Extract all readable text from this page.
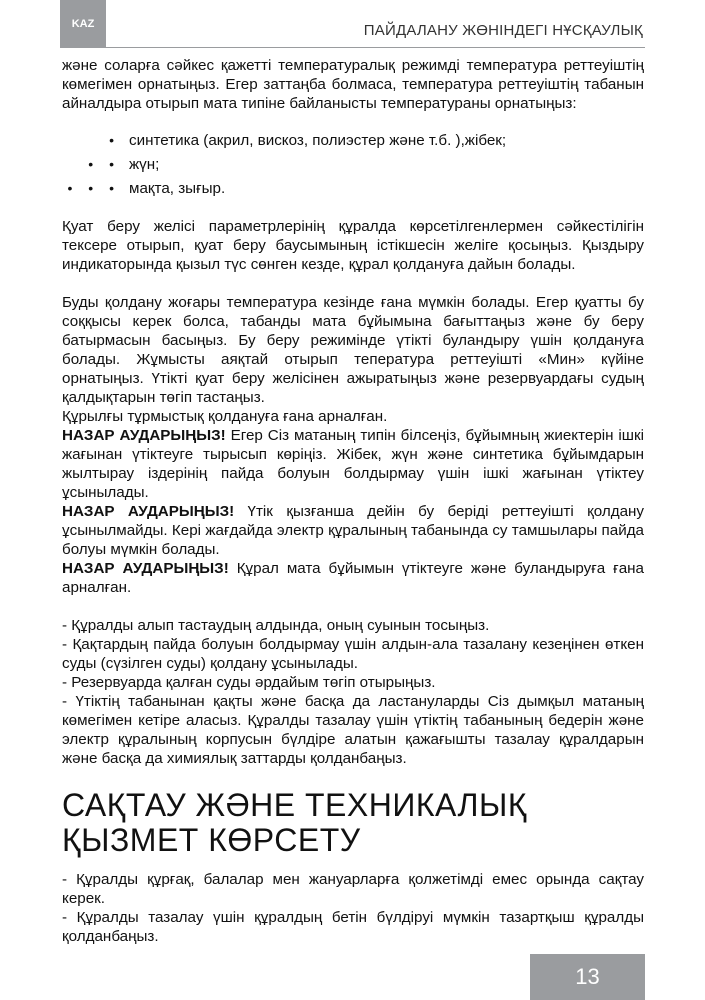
KAZ	ПАЙДАЛАНУ ЖӨНІНДЕГІ НҰСҚАУЛЫҚ

және соларға сәйкес қажетті температуралық режимді температура реттеуіштің көмегімен орнатыңыз. Егер заттаңба болмаса, температура реттеуіштің табанын айналдыра отырып мата типіне байланысты температураны орнатыңыз:

• синтетика (акрил, вискоз, полиэстер және т.б. ),жібек;
• • жүн;
• • • мақта, зығыр.

Қуат беру желісі параметрлерінің құралда көрсетілгенлермен сәйкестілігін тексере отырып, қуат беру баусымының істікшесін желіге қосыңыз. Қыздыру индикаторында қызыл түс сөнген кезде, құрал қолдануға дайын болады.

Буды қолдану жоғары температура кезінде ғана мүмкін болады. Егер қуатты бу соққысы керек болса, табанды мата бұйымына бағыттаңыз және бу беру батырмасын басыңыз. Бу беру режимінде үтікті буландыру үшін қолдануға болады. Жұмысты аяқтай отырып тепература реттеуішті «Мин» күйіне орнатыңыз. Үтікті қуат беру желісінен ажыратыңыз және резервуардағы судың қалдықтарын төгіп тастаңыз.

Құрылғы тұрмыстық қолдануға ғана арналған.

НАЗАР АУДАРЫҢЫЗ! Егер Сіз матаның типін білсеңіз, бұйымның жиектерін ішкі жағынан үтіктеуге тырысып көріңіз. Жібек, жүн және синтетика бұйымдарын жылтырау іздерінің пайда болуын болдырмау үшін ішкі жағынан үтіктеу ұсынылады.

НАЗАР АУДАРЫҢЫЗ! Үтік қызғанша дейін бу беріді реттеуішті қолдану ұсынылмайды. Кері жағдайда электр құралының табанында су тамшылары пайда болуы мүмкін болады.

НАЗАР АУДАРЫҢЫЗ! Құрал мата бұйымын үтіктеуге және буландыруға ғана арналған.

- Құралды алып тастаудың алдында, оның суынын тосыңыз.

- Қақтардың пайда болуын болдырмау үшін алдын-ала тазалану кезеңінен өткен суды (сүзілген суды) қолдану ұсынылады.

- Резервуарда қалған суды әрдайым төгіп отырыңыз.

- Үтіктің табанынан қақты және басқа да ластануларды Сіз дымқыл матаның көмегімен кетіре аласыз. Құралды тазалау үшін үтіктің табанының бедерін және электр құралының корпусын бүлдіре алатын қажағышты тазалау құралдарын және басқа да химиялық заттарды қолданбаңыз.

САҚТАУ ЖӘНЕ ТЕХНИКАЛЫҚ ҚЫЗМЕТ КӨРСЕТУ

- Құралды құрғақ, балалар мен жануарларға қолжетімді емес орында сақтау керек.

- Құралды тазалау үшін құралдың бетін бүлдіруі мүмкін тазартқыш құралды қолданбаңыз.

13
